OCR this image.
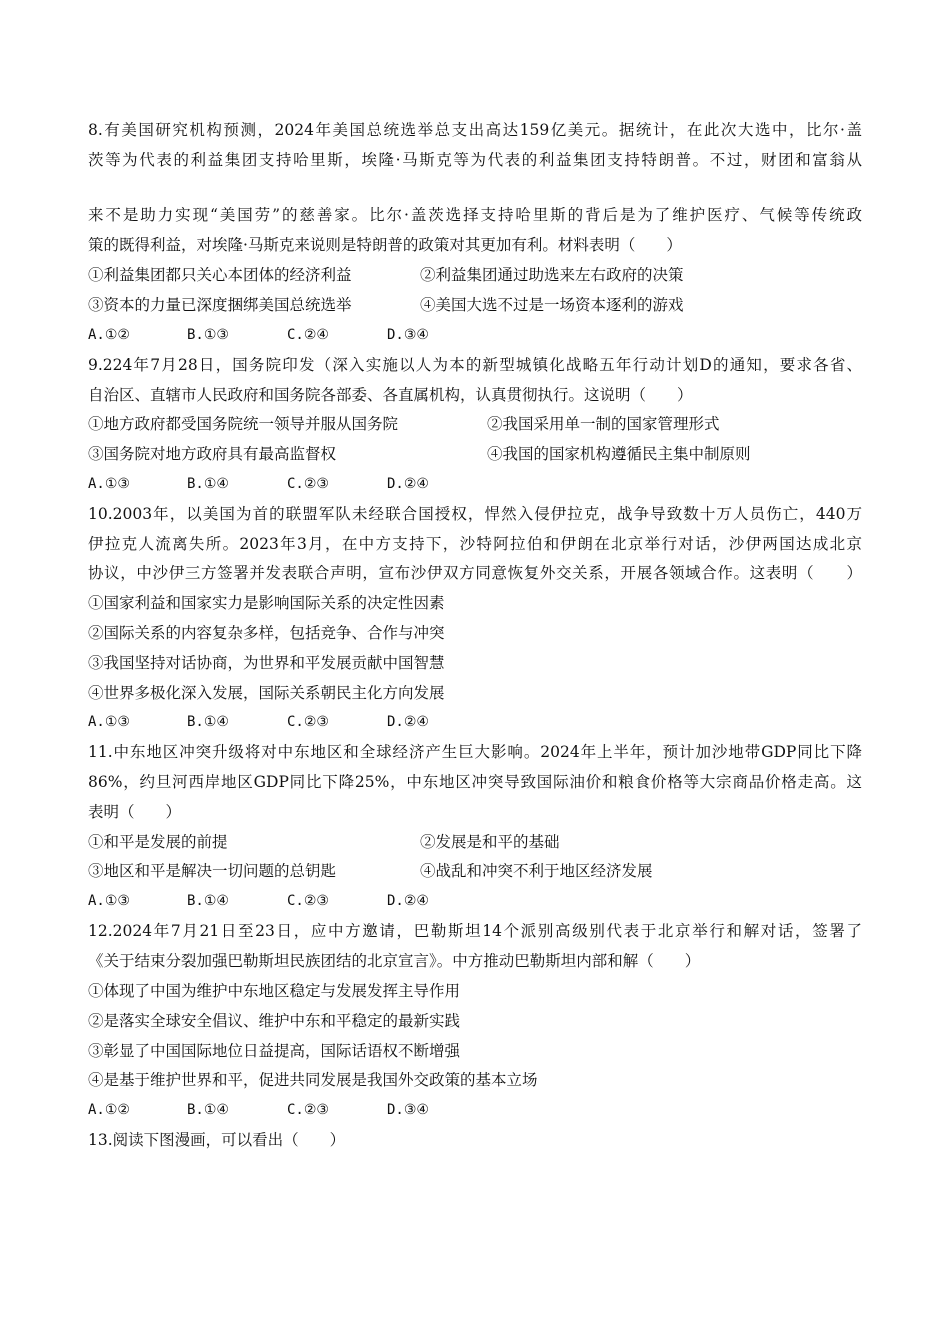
8.有美国研究机构预测，2024年美国总统选举总支出高达159亿美元。据统计，在此次大选中，比尔·盖
茨等为代表的利益集团支持哈里斯，埃隆·马斯克等为代表的利益集团支持特朗普。不过，财团和富翁从
来不是助力实现“美国劳”的慈善家。比尔·盖茨选择支持哈里斯的背后是为了维护医疗、气候等传统政
策的既得利益，对埃隆·马斯克来说则是特朗普的政策对其更加有利。材料表明（　　）
①利益集团都只关心本团体的经济利益	②利益集团通过助选来左右政府的决策
③资本的力量已深度捆绑美国总统选举	④美国大选不过是一场资本逐利的游戏
A.①②	B.①③	C.②④	D.③④
9.224年7月28日，国务院印发（深入实施以人为本的新型城镇化战略五年行动计划D的通知，要求各省、
自治区、直辖市人民政府和国务院各部委、各直属机构，认真贯彻执行。这说明（　　）
①地方政府都受国务院统一领导并服从国务院	②我国采用单一制的国家管理形式
③国务院对地方政府具有最高监督权	④我国的国家机构遵循民主集中制原则
A.①③	B.①④	C.②③	D.②④
10.2003年，以美国为首的联盟军队未经联合国授权，悍然入侵伊拉克，战争导致数十万人员伤亡，440万
伊拉克人流离失所。2023年3月，在中方支持下，沙特阿拉伯和伊朗在北京举行对话，沙伊两国达成北京
协议，中沙伊三方签署并发表联合声明，宣布沙伊双方同意恢复外交关系，开展各领域合作。这表明（　　）
①国家利益和国家实力是影响国际关系的决定性因素
②国际关系的内容复杂多样，包括竞争、合作与冲突
③我国坚持对话协商，为世界和平发展贡献中国智慧
④世界多极化深入发展，国际关系朝民主化方向发展
A.①③	B.①④	C.②③	D.②④
11.中东地区冲突升级将对中东地区和全球经济产生巨大影响。2024年上半年，预计加沙地带GDP同比下降
86%，约旦河西岸地区GDP同比下降25%，中东地区冲突导致国际油价和粮食价格等大宗商品价格走高。这
表明（　　）
①和平是发展的前提	②发展是和平的基础
③地区和平是解决一切问题的总钥匙	④战乱和冲突不利于地区经济发展
A.①③	B.①④	C.②③	D.②④
12.2024年7月21日至23日，应中方邀请，巴勒斯坦14个派别高级别代表于北京举行和解对话，签署了
《关于结束分裂加强巴勒斯坦民族团结的北京宣言》。中方推动巴勒斯坦内部和解（　　）
①体现了中国为维护中东地区稳定与发展发挥主导作用
②是落实全球安全倡议、维护中东和平稳定的最新实践
③彰显了中国国际地位日益提高，国际话语权不断增强
④是基于维护世界和平，促进共同发展是我国外交政策的基本立场
A.①②	B.①④	C.②③	D.③④
13.阅读下图漫画，可以看出（　　）
